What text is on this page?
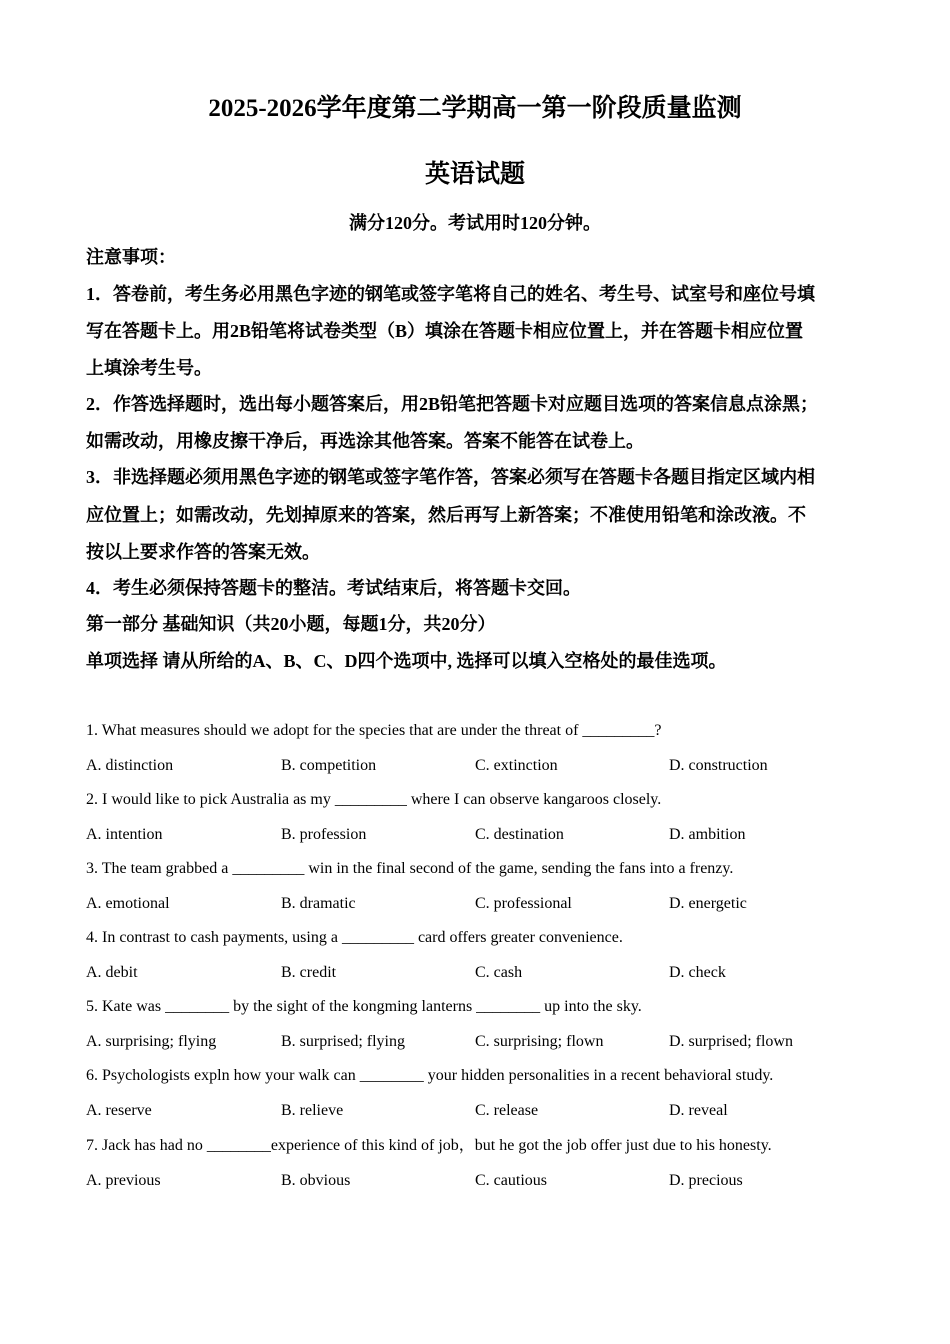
2025-2026学年度第二学期高一第一阶段质量监测
英语试题
满分120分。考试用时120分钟。
注意事项：
1．答卷前，考生务必用黑色字迹的钢笔或签字笔将自己的姓名、考生号、试室号和座位号填
写在答题卡上。用2B铅笔将试卷类型（B）填涂在答题卡相应位置上，并在答题卡相应位置
上填涂考生号。
2．作答选择题时，选出每小题答案后，用2B铅笔把答题卡对应题目选项的答案信息点涂黑；
如需改动，用橡皮擦干净后，再选涂其他答案。答案不能答在试卷上。
3．非选择题必须用黑色字迹的钢笔或签字笔作答，答案必须写在答题卡各题目指定区域内相
应位置上；如需改动，先划掉原来的答案，然后再写上新答案；不准使用铅笔和涂改液。不
按以上要求作答的答案无效。
4．考生必须保持答题卡的整洁。考试结束后，将答题卡交回。
第一部分 基础知识（共20小题，每题1分，共20分）
单项选择 请从所给的A、B、C、D四个选项中, 选择可以填入空格处的最佳选项。
1. What measures should we adopt for the species that are under the threat of _________?
A. distinction	B. competition	C. extinction	D. construction
2. I would like to pick Australia as my _________ where I can observe kangaroos closely.
A. intention	B. profession	C. destination	D. ambition
3. The team grabbed a _________ win in the final second of the game, sending the fans into a frenzy.
A. emotional	B. dramatic	C. professional	D. energetic
4. In contrast to cash payments, using a _________ card offers greater convenience.
A. debit	B. credit	C. cash	D. check
5. Kate was ________ by the sight of the kongming lanterns ________ up into the sky.
A. surprising; flying	B. surprised; flying	C. surprising; flown	D. surprised; flown
6. Psychologists expln how your walk can ________ your hidden personalities in a recent behavioral study.
A. reserve	B. relieve	C. release	D. reveal
7. Jack has had no ________experience of this kind of job，but he got the job offer just due to his honesty.
A. previous	B. obvious	C. cautious	D. precious
